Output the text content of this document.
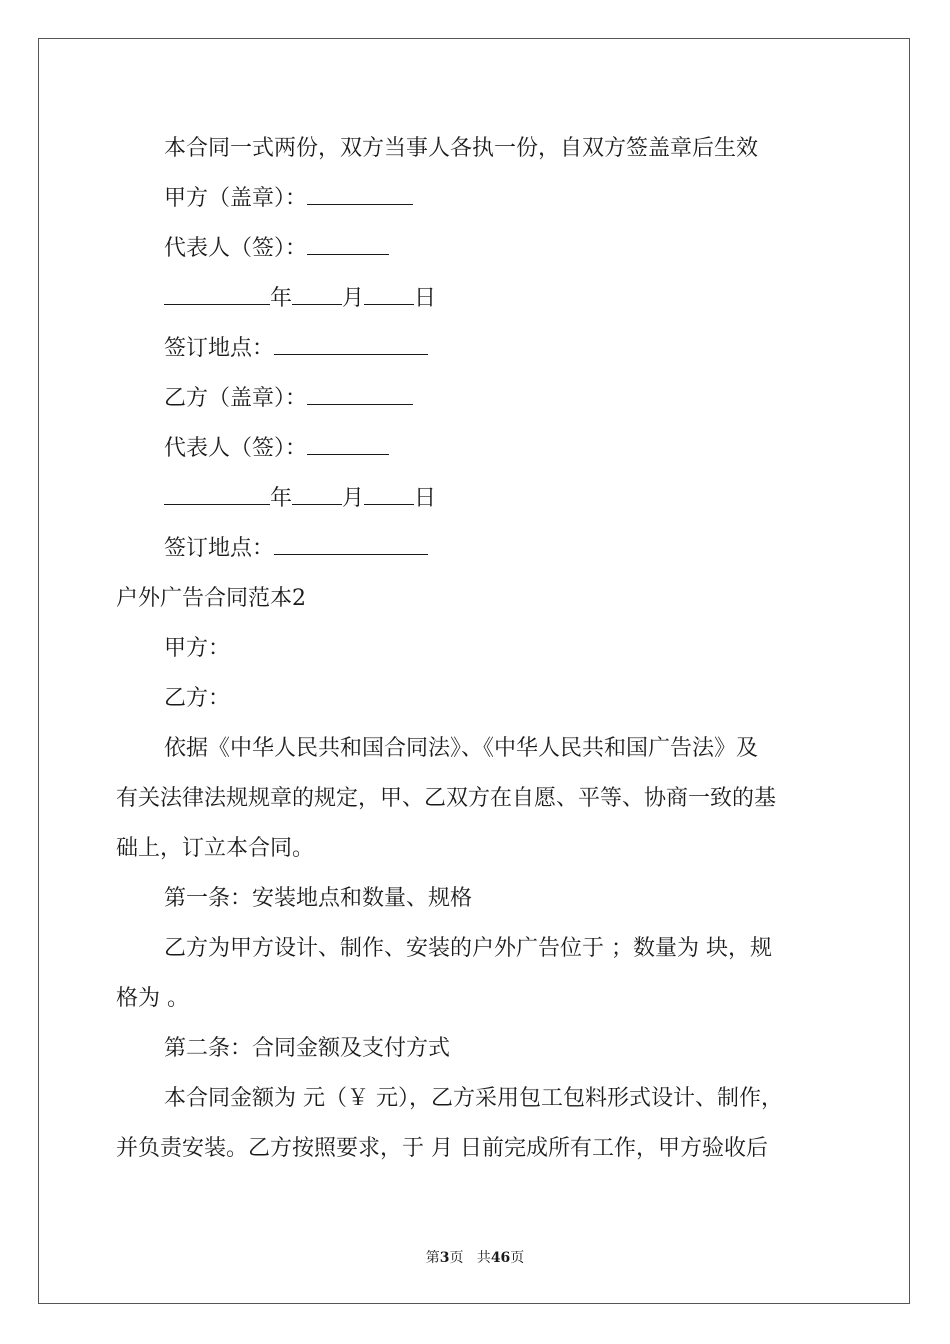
本合同一式两份，双方当事人各执一份，自双方签盖章后生效
甲方（盖章）：
代表人（签）：
年 月 日
签订地点：
乙方（盖章）：
代表人（签）：
年 月 日
签订地点：
户外广告合同范本2
甲方：
乙方：
依据《中华人民共和国合同法》、《中华人民共和国广告法》及
有关法律法规规章的规定，甲、乙双方在自愿、平等、协商一致的基
础上，订立本合同。
第一条：安装地点和数量、规格
乙方为甲方设计、制作、安装的户外广告位于 ；数量为 块，规
格为 。
第二条：合同金额及支付方式
本合同金额为 元（￥ 元），乙方采用包工包料形式设计、制作，
并负责安装。乙方按照要求，于 月 日前完成所有工作，甲方验收后
第3页 共46页
